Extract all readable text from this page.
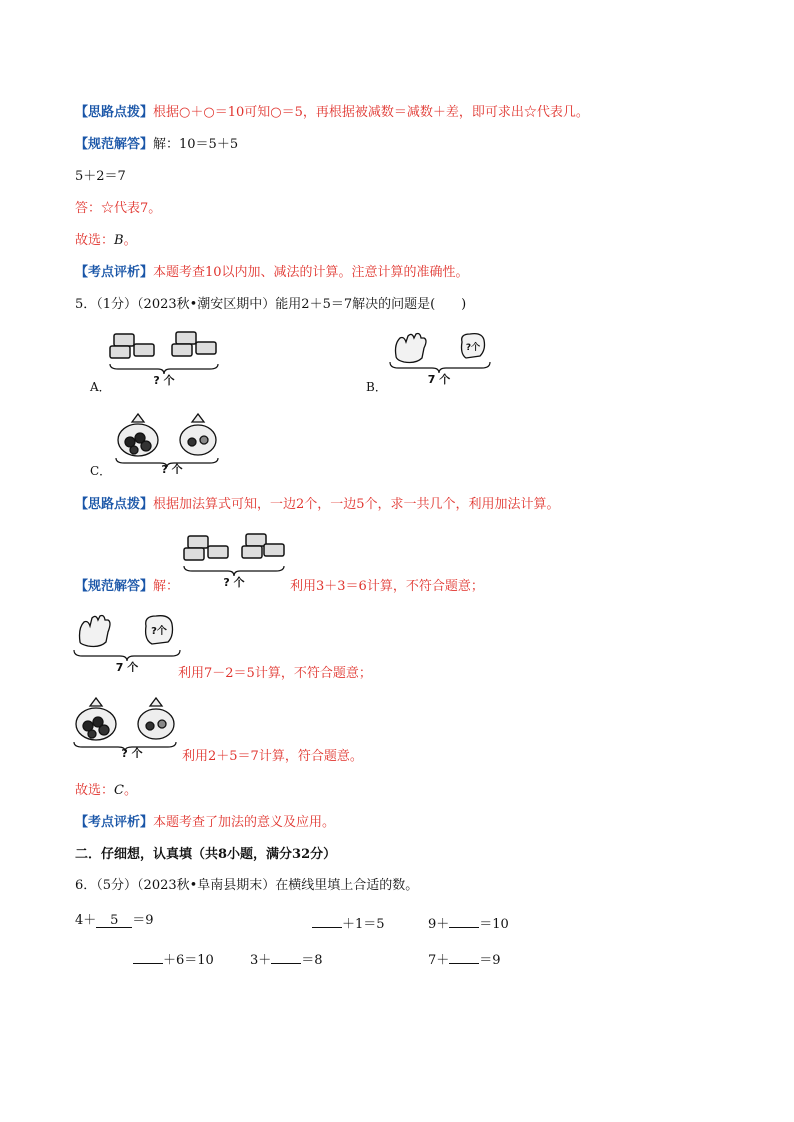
【思路点拨】根据○＋○＝10可知○＝5，再根据被减数＝减数＋差，即可求出☆代表几。
【规范解答】解：10＝5＋5
5＋2＝7
答：☆代表7。
故选：B。
【考点评析】本题考查10以内加、减法的计算。注意计算的准确性。
5．（1分）（2023秋•潮安区期中）能用2＋5＝7解决的问题是(　　)
? 个
A．
?个
7 个
B．
? 个
C．
【思路点拨】根据加法算式可知，一边2个，一边5个，求一共几个，利用加法计算。
? 个
【规范解答】解：	利用3＋3＝6计算，不符合题意；
?个
7 个	利用7－2＝5计算，不符合题意；
? 个	利用2＋5＝7计算，符合题意。
故选：C。
【考点评析】本题考查了加法的意义及应用。
二．仔细想，认真填（共8小题，满分32分）
6．（5分）（2023秋•阜南县期末）在横线里填上合适的数。
4＋ 5 ＝9	＋1＝5	9＋ ＝10
＋6＝10	3＋ ＝8	7＋ ＝9
